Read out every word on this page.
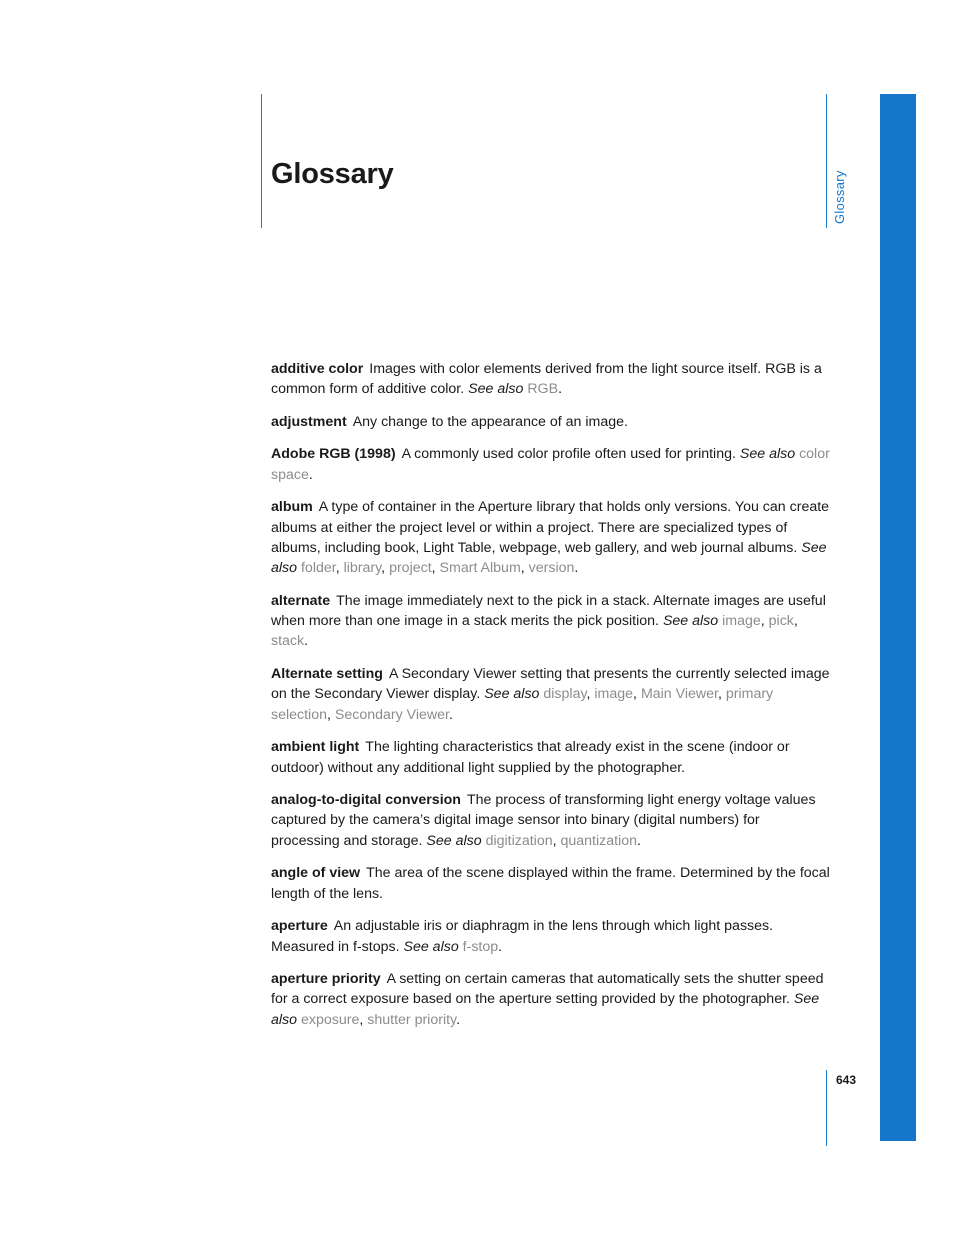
Glossary	Glossary

additive color Images with color elements derived from the light source itself. RGB is a common form of additive color. See also RGB.

adjustment Any change to the appearance of an image.

Adobe RGB (1998) A commonly used color profile often used for printing. See also color space.

album A type of container in the Aperture library that holds only versions. You can create albums at either the project level or within a project. There are specialized types of albums, including book, Light Table, webpage, web gallery, and web journal albums. See also folder, library, project, Smart Album, version.

alternate The image immediately next to the pick in a stack. Alternate images are useful when more than one image in a stack merits the pick position. See also image, pick, stack.

Alternate setting A Secondary Viewer setting that presents the currently selected image on the Secondary Viewer display. See also display, image, Main Viewer, primary selection, Secondary Viewer.

ambient light The lighting characteristics that already exist in the scene (indoor or outdoor) without any additional light supplied by the photographer.

analog-to-digital conversion The process of transforming light energy voltage values captured by the camera’s digital image sensor into binary (digital numbers) for processing and storage. See also digitization, quantization.

angle of view The area of the scene displayed within the frame. Determined by the focal length of the lens.

aperture An adjustable iris or diaphragm in the lens through which light passes. Measured in f-stops. See also f-stop.

aperture priority A setting on certain cameras that automatically sets the shutter speed for a correct exposure based on the aperture setting provided by the photographer. See also exposure, shutter priority.

643
